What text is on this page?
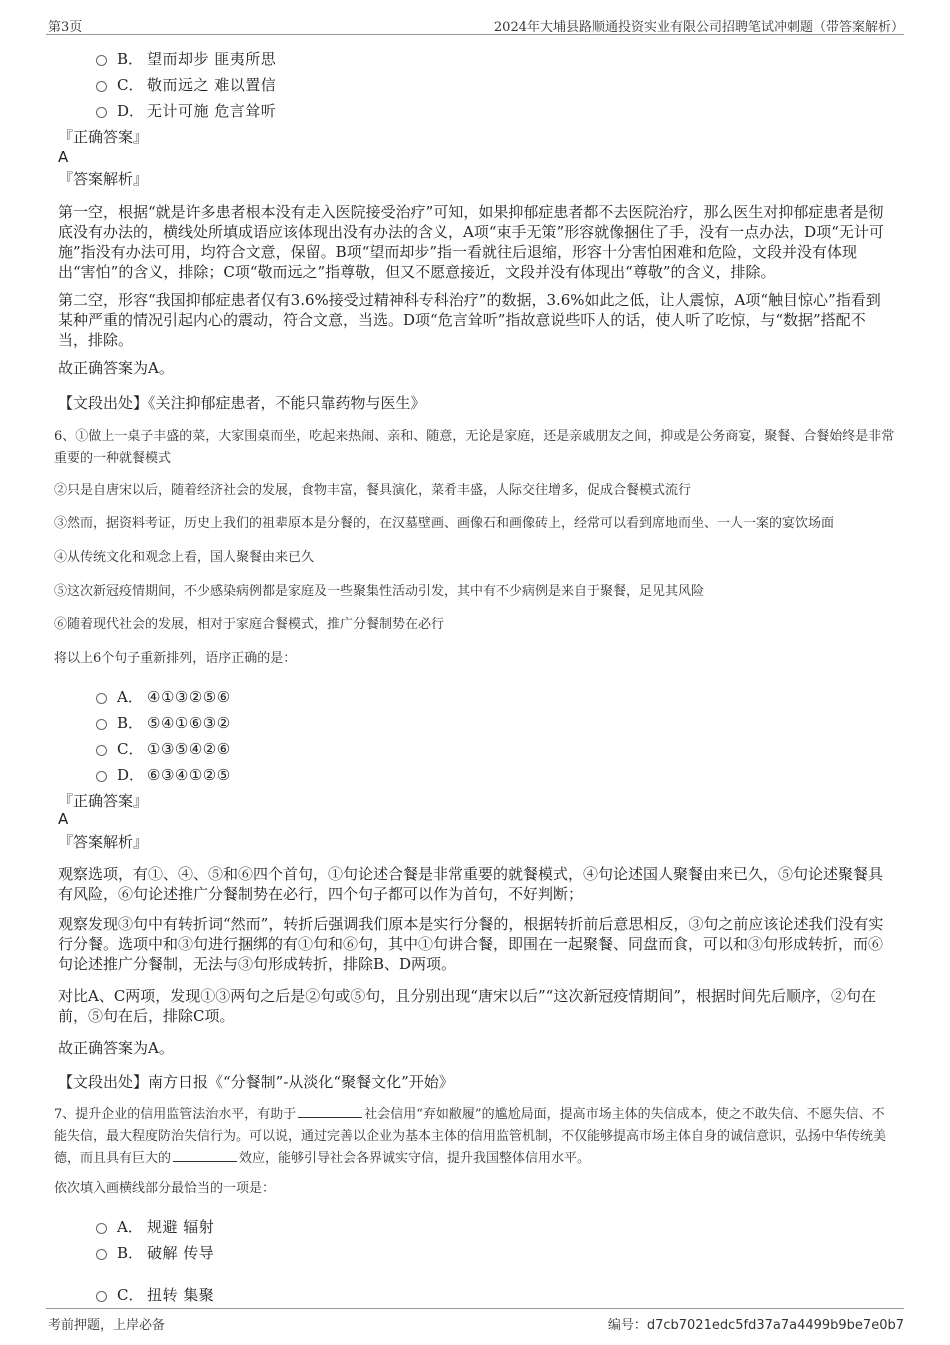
第3页	2024年大埔县路顺通投资实业有限公司招聘笔试冲刺题（带答案解析）
B． 望而却步 匪夷所思
C． 敬而远之 难以置信
D． 无计可施 危言耸听
『正确答案』
A
『答案解析』
第一空，根据“就是许多患者根本没有走入医院接受治疗”可知，如果抑郁症患者都不去医院治疗，那么医生对抑郁症患者是彻底没有办法的，横线处所填成语应该体现出没有办法的含义，A项“束手无策”形容就像捆住了手，没有一点办法，D项“无计可施”指没有办法可用，均符合文意，保留。B项“望而却步”指一看就往后退缩，形容十分害怕困难和危险，文段并没有体现出“害怕”的含义，排除；C项“敬而远之”指尊敬，但又不愿意接近，文段并没有体现出“尊敬”的含义，排除。
第二空，形容“我国抑郁症患者仅有3.6%接受过精神科专科治疗”的数据，3.6%如此之低，让人震惊，A项“触目惊心”指看到某种严重的情况引起内心的震动，符合文意，当选。D项“危言耸听”指故意说些吓人的话，使人听了吃惊，与“数据”搭配不当，排除。
故正确答案为A。
【文段出处】《关注抑郁症患者，不能只靠药物与医生》
6、①做上一桌子丰盛的菜，大家围桌而坐，吃起来热闹、亲和、随意，无论是家庭，还是亲戚朋友之间，抑或是公务商宴，聚餐、合餐始终是非常重要的一种就餐模式
②只是自唐宋以后，随着经济社会的发展，食物丰富，餐具演化，菜肴丰盛，人际交往增多，促成合餐模式流行
③然而，据资料考证，历史上我们的祖辈原本是分餐的，在汉墓壁画、画像石和画像砖上，经常可以看到席地而坐、一人一案的宴饮场面
④从传统文化和观念上看，国人聚餐由来已久
⑤这次新冠疫情期间，不少感染病例都是家庭及一些聚集性活动引发，其中有不少病例是来自于聚餐，足见其风险
⑥随着现代社会的发展，相对于家庭合餐模式，推广分餐制势在必行
将以上6个句子重新排列，语序正确的是：
A． ④①③②⑤⑥
B． ⑤④①⑥③②
C． ①③⑤④②⑥
D． ⑥③④①②⑤
『正确答案』
A
『答案解析』
观察选项，有①、④、⑤和⑥四个首句，①句论述合餐是非常重要的就餐模式，④句论述国人聚餐由来已久，⑤句论述聚餐具有风险，⑥句论述推广分餐制势在必行，四个句子都可以作为首句，不好判断；
观察发现③句中有转折词“然而”，转折后强调我们原本是实行分餐的，根据转折前后意思相反，③句之前应该论述我们没有实行分餐。选项中和③句进行捆绑的有①句和⑥句，其中①句讲合餐，即围在一起聚餐、同盘而食，可以和③句形成转折，而⑥句论述推广分餐制，无法与③句形成转折，排除B、D两项。
对比A、C两项，发现①③两句之后是②句或⑤句，且分别出现“唐宋以后”“这次新冠疫情期间”，根据时间先后顺序，②句在前，⑤句在后，排除C项。
故正确答案为A。
【文段出处】南方日报《“分餐制”-从淡化“聚餐文化”开始》
7、提升企业的信用监管法治水平，有助于	社会信用“弃如敝履”的尴尬局面，提高市场主体的失信成本，使之不敢失信、不愿失信、不能失信，最大程度防治失信行为。可以说，通过完善以企业为基本主体的信用监管机制，不仅能够提高市场主体自身的诚信意识，弘扬中华传统美德，而且具有巨大的	效应，能够引导社会各界诚实守信，提升我国整体信用水平。
依次填入画横线部分最恰当的一项是：
A． 规避 辐射
B． 破解 传导
C． 扭转 集聚
考前押题，上岸必备	编号：d7cb7021edc5fd37a7a4499b9be7e0b7
